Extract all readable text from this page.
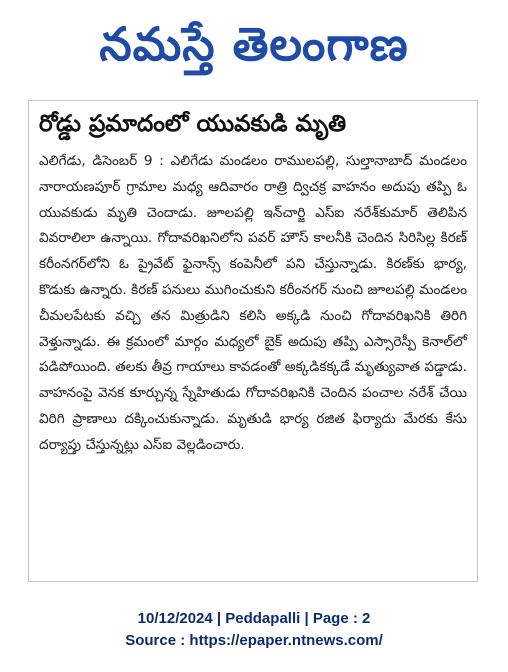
నమస్తే తెలంగాణ
రోడ్డు ప్రమాదంలో యువకుడి మృతి
ఎలిగేడు, డిసెంబర్ 9 : ఎలిగేడు మండలం రాములపల్లి, సుల్తానాబాద్ మండలం నారాయణపూర్ గ్రామాల మధ్య ఆదివారం రాత్రి ద్విచక్ర వాహనం అదుపు తప్పి ఓ యువకుడు మృతి చెందాడు. జూలపల్లి ఇన్‌చార్జి ఎస్ఐ నరేశ్‌కుమార్ తెలిపిన వివరాలిలా ఉన్నాయి. గోదావరిఖనిలోని పవర్ హౌస్ కాలనీకి చెందిన సిరిసిల్ల కిరణ్ కరీంనగర్‌లోని ఓ ప్రైవేట్ ఫైనాన్స్ కంపెనీలో పని చేస్తున్నాడు. కిరణ్‌కు భార్య, కొడుకు ఉన్నారు. కిరణ్ పనులు ముగించుకుని కరీంనగర్ నుంచి జూలపల్లి మండలం చీమలపేటకు వచ్చి తన మిత్రుడిని కలిసి అక్కడి నుంచి గోదావరిఖనికి తిరిగి వెళ్తున్నాడు. ఈ క్రమంలో మార్గం మధ్యలో బైక్ అదుపు తప్పి ఎస్సారెస్పీ కెనాల్‌లో పడిపోయింది. తలకు తీవ్ర గాయాలు కావడంతో అక్కడికక్కడే మృత్యువాత పడ్డాడు. వాహనంపై వెనక కూర్చున్న స్నేహితుడు గోదావరిఖనికి చెందిన పంచాల నరేశ్ చేయి విరిగి ప్రాణాలు దక్కించుకున్నాడు. మృతుడి భార్య రజిత ఫిర్యాదు మేరకు కేసు దర్యాప్తు చేస్తున్నట్లు ఎస్ఐ వెల్లడించారు.
10/12/2024 | Peddapalli | Page : 2
Source : https://epaper.ntnews.com/
